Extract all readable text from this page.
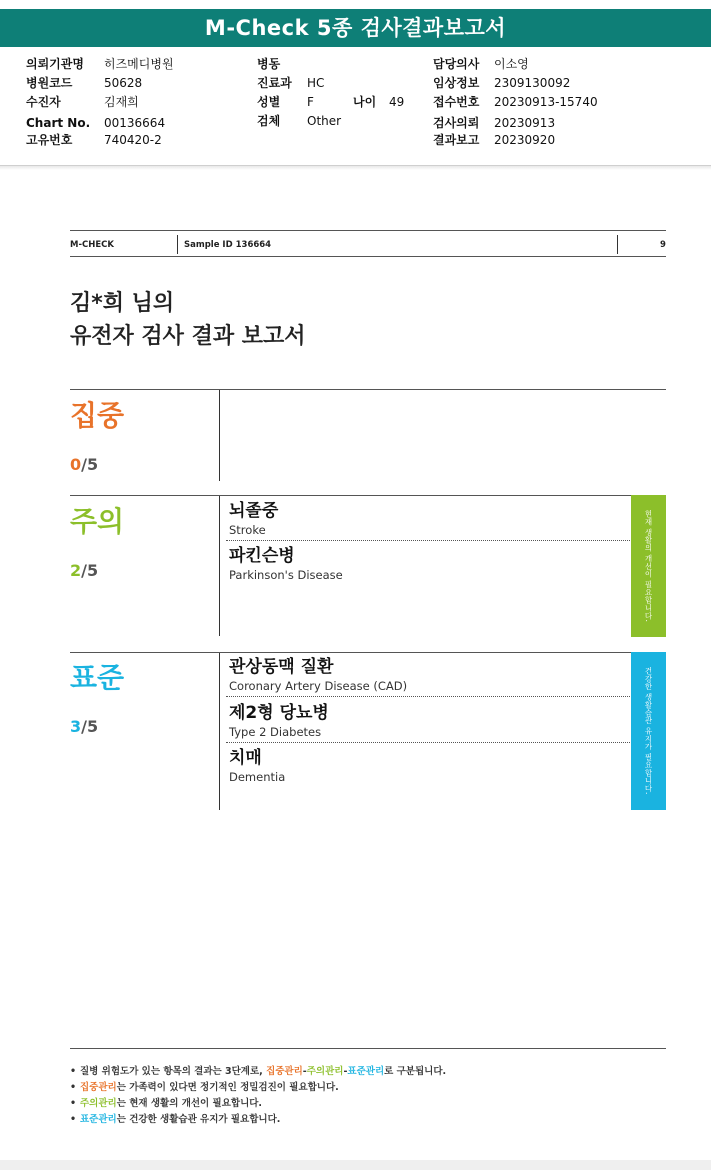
M-Check 5종 검사결과보고서
의뢰기관명 히즈메디병원
병원코드	50628
수진자	김재희
Chart No. 00136664
고유번호	740420-2
병동
진료과 HC
성별 F	나이 49
검체 Other
담당의사 이소영
임상정보 2309130092
접수번호 20230913-15740
검사의뢰 20230913
결과보고 20230920
M-CHECK	Sample ID 136664	9
김*희 님의
유전자 검사 결과 보고서
집중
0/5
주의
2/5
뇌졸중
Stroke
파킨슨병
Parkinson's Disease	현재 생활의 개선이 필요합니다.
표준
3/5
관상동맥 질환
Coronary Artery Disease (CAD)
제2형 당뇨병
Type 2 Diabetes
치매
Dementia	건강한 생활습관 유지가 필요합니다.
• 질병 위험도가 있는 항목의 결과는 3단계로, 집중관리-주의관리-표준관리로 구분됩니다.
• 집중관리는 가족력이 있다면 정기적인 정밀검진이 필요합니다.
• 주의관리는 현재 생활의 개선이 필요합니다.
• 표준관리는 건강한 생활습관 유지가 필요합니다.
